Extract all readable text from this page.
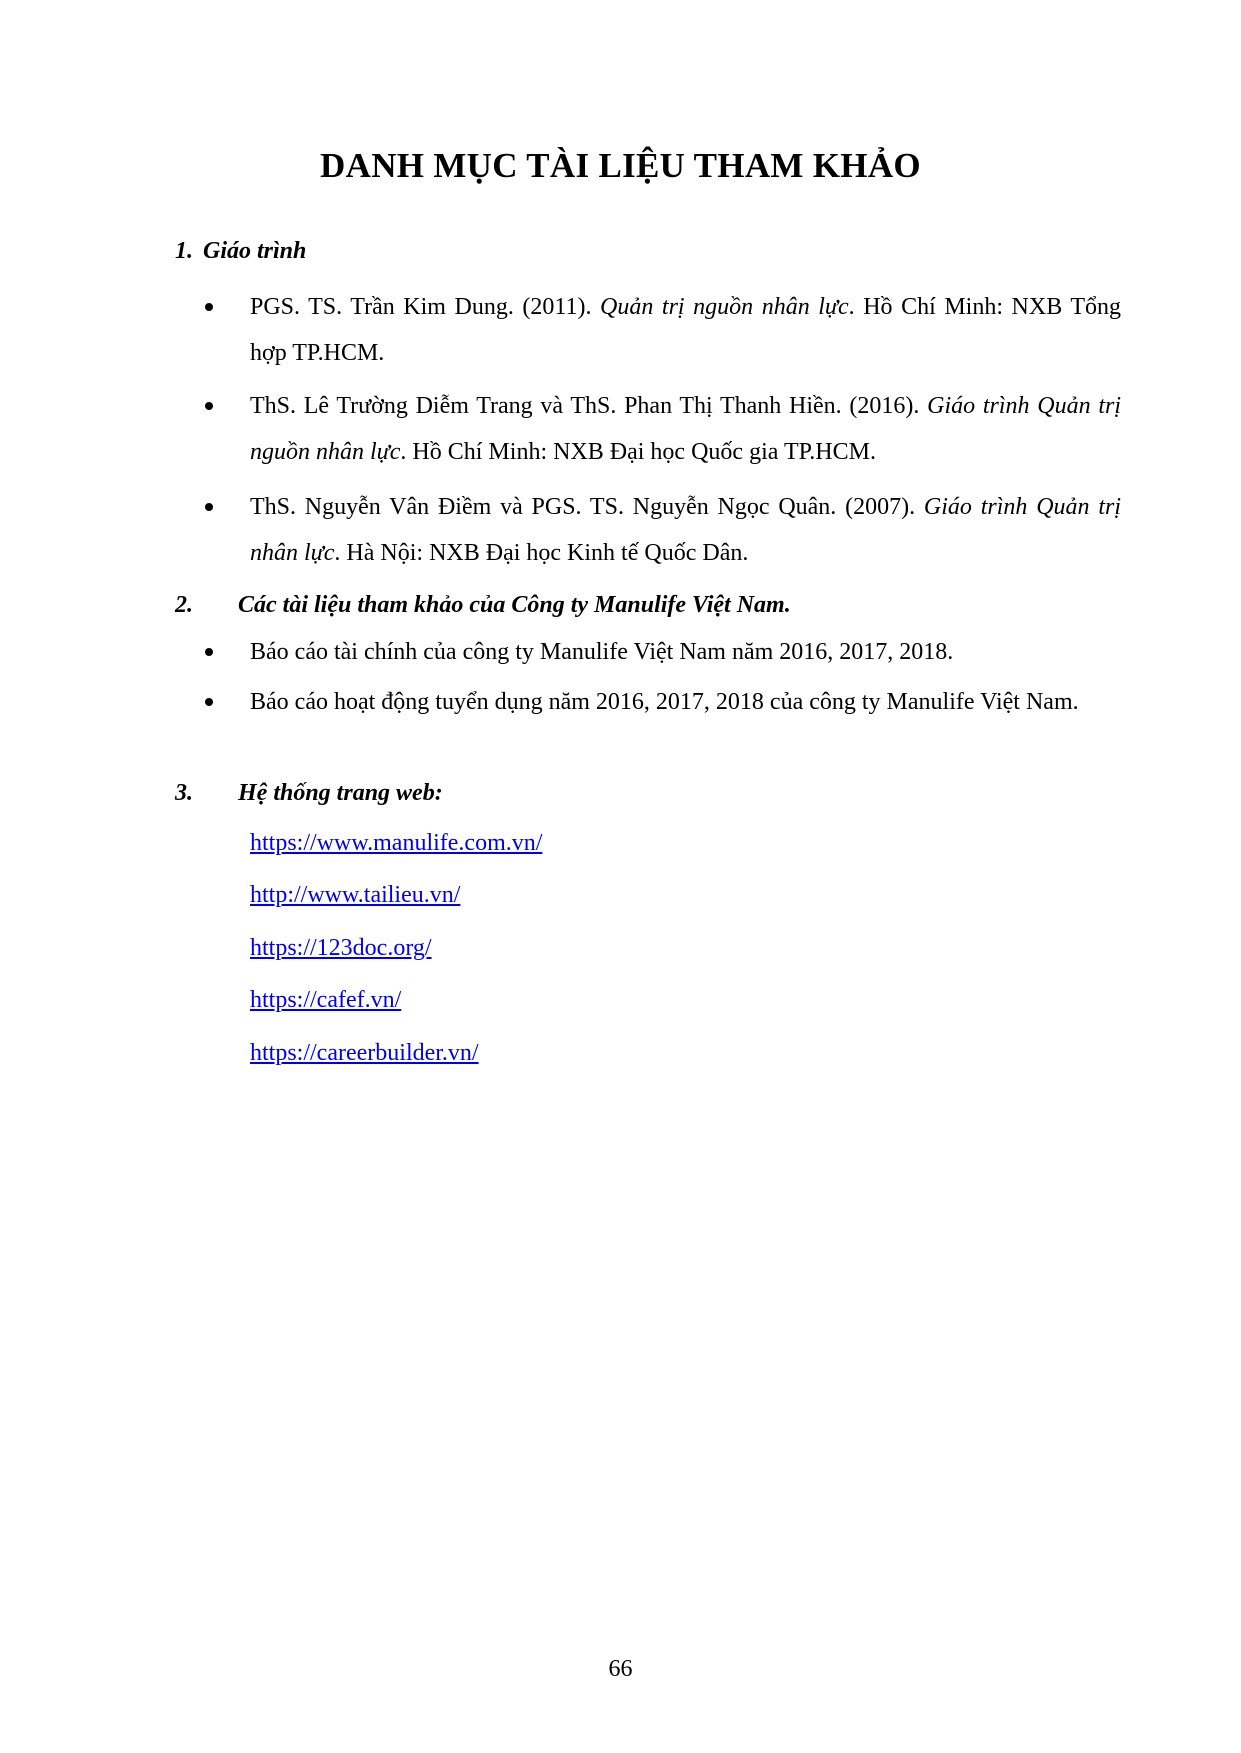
DANH MỤC TÀI LIỆU THAM KHẢO
1. Giáo trình
PGS. TS. Trần Kim Dung. (2011). Quản trị nguồn nhân lực. Hồ Chí Minh: NXB Tổng hợp TP.HCM.
ThS. Lê Trường Diễm Trang và ThS. Phan Thị Thanh Hiền. (2016). Giáo trình Quản trị nguồn nhân lực. Hồ Chí Minh: NXB Đại học Quốc gia TP.HCM.
ThS. Nguyễn Vân Điềm và PGS. TS. Nguyễn Ngọc Quân. (2007). Giáo trình Quản trị nhân lực. Hà Nội: NXB Đại học Kinh tế Quốc Dân.
2. Các tài liệu tham khảo của Công ty Manulife Việt Nam.
Báo cáo tài chính của công ty Manulife Việt Nam năm 2016, 2017, 2018.
Báo cáo hoạt động tuyển dụng năm 2016, 2017, 2018 của công ty Manulife Việt Nam.
3. Hệ thống trang web:
https://www.manulife.com.vn/
http://www.tailieu.vn/
https://123doc.org/
https://cafef.vn/
https://careerbuilder.vn/
66
